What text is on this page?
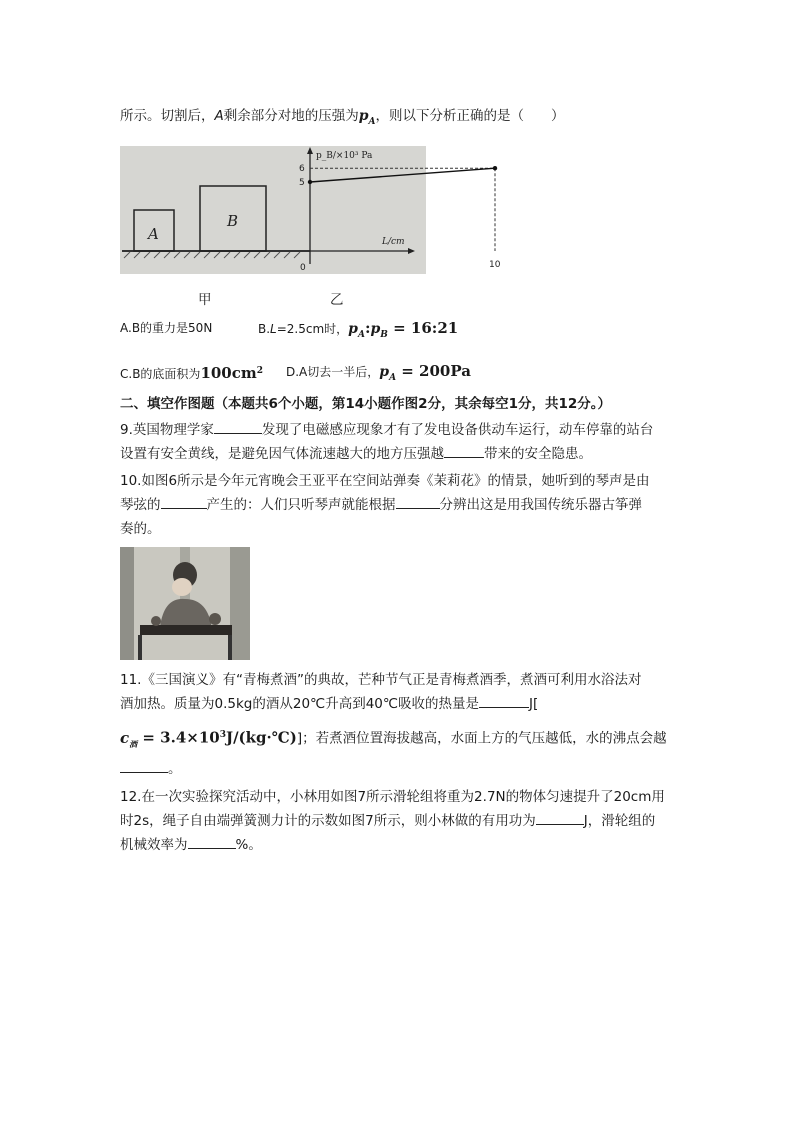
所示。切割后，A剩余部分对地的压强为$p_A$，则以下分析正确的是（　　）
A
B
p_B/×10³ Pa
L/cm
0
5
6
10
甲	乙
A.B的重力是50N	B.L=2.5cm时，$p_A:p_B$ = 16:21
C.B的底面积为$100cm^2$ D.A切去一半后，$p_A = 200Pa$
二、填空作图题（本题共6个小题，第14小题作图2分，其余每空1分，共12分。）
9.英国物理学家	发现了电磁感应现象才有了发电设备供动车运行，动车停靠的站台
设置有安全黄线，是避免因气体流速越大的地方压强越	带来的安全隐患。
10.如图6所示是今年元宵晚会王亚平在空间站弹奏《茉莉花》的情景，她听到的琴声是由
琴弦的	产生的：人们只听琴声就能根据	分辨出这是用我国传统乐器古筝弹
奏的。
11.《三国演义》有“青梅煮酒”的典故，芒种节气正是青梅煮酒季，煮酒可利用水浴法对
酒加热。质量为0.5kg的酒从20℃升高到40℃吸收的热量是	J[
$c_酒$ = $3.4\times 10^3J/(kg\cdot℃)$]；若煮酒位置海拔越高，水面上方的气压越低，水的沸点会越
。
12.在一次实验探究活动中，小林用如图7所示滑轮组将重为2.7N的物体匀速提升了20cm用
时2s，绳子自由端弹簧测力计的示数如图7所示，则小林做的有用功为	J，滑轮组的
机械效率为	%。
